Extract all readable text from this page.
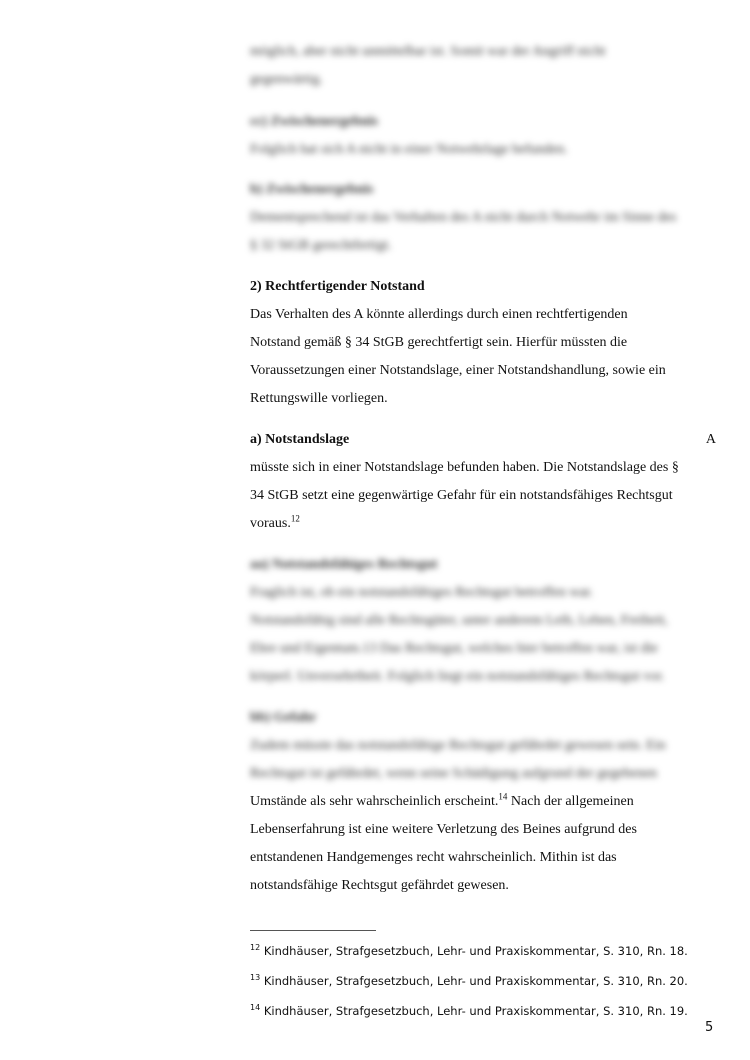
möglich, aber nicht unmittelbar ist. Somit war der Angriff nicht
gegenwärtig.
cc) Zwischenergebnis
Folglich hat sich A nicht in einer Notwehrlage befunden.
b) Zwischenergebnis
Dementsprechend ist das Verhalten des A nicht durch Notwehr im Sinne des
§ 32 StGB gerechtfertigt.
2) Rechtfertigender Notstand
Das Verhalten des A könnte allerdings durch einen rechtfertigenden
Notstand gemäß § 34 StGB gerechtfertigt sein. Hierfür müssten die
Voraussetzungen einer Notstandslage, einer Notstandshandlung, sowie ein
Rettungswille vorliegen.
a) Notstandslage	A
müsste sich in einer Notstandslage befunden haben. Die Notstandslage des §
34 StGB setzt eine gegenwärtige Gefahr für ein notstandsfähiges Rechtsgut
voraus.$^{12}$
aa) Notstandsfähiges Rechtsgut
Fraglich ist, ob ein notstandsfähiges Rechtsgut betroffen war.
Notstandsfähig sind alle Rechtsgüter, unter anderem Leib, Leben, Freiheit,
Ehre und Eigentum.13 Das Rechtsgut, welches hier betroffen war, ist die
körperl. Unversehrtheit. Folglich liegt ein notstandsfähiges Rechtsgut vor.
bb) Gefahr
Zudem müsste das notstandsfähige Rechtsgut gefährdet gewesen sein. Ein
Rechtsgut ist gefährdet, wenn seine Schädigung aufgrund der gegebenen
Umstände als sehr wahrscheinlich erscheint.$^{14}$ Nach der allgemeinen
Lebenserfahrung ist eine weitere Verletzung des Beines aufgrund des
entstandenen Handgemenges recht wahrscheinlich. Mithin ist das
notstandsfähige Rechtsgut gefährdet gewesen.
$^{12}$ Kindhäuser, Strafgesetzbuch, Lehr- und Praxiskommentar, S. 310, Rn. 18.
$^{13}$ Kindhäuser, Strafgesetzbuch, Lehr- und Praxiskommentar, S. 310, Rn. 20.
$^{14}$ Kindhäuser, Strafgesetzbuch, Lehr- und Praxiskommentar, S. 310, Rn. 19.
5
